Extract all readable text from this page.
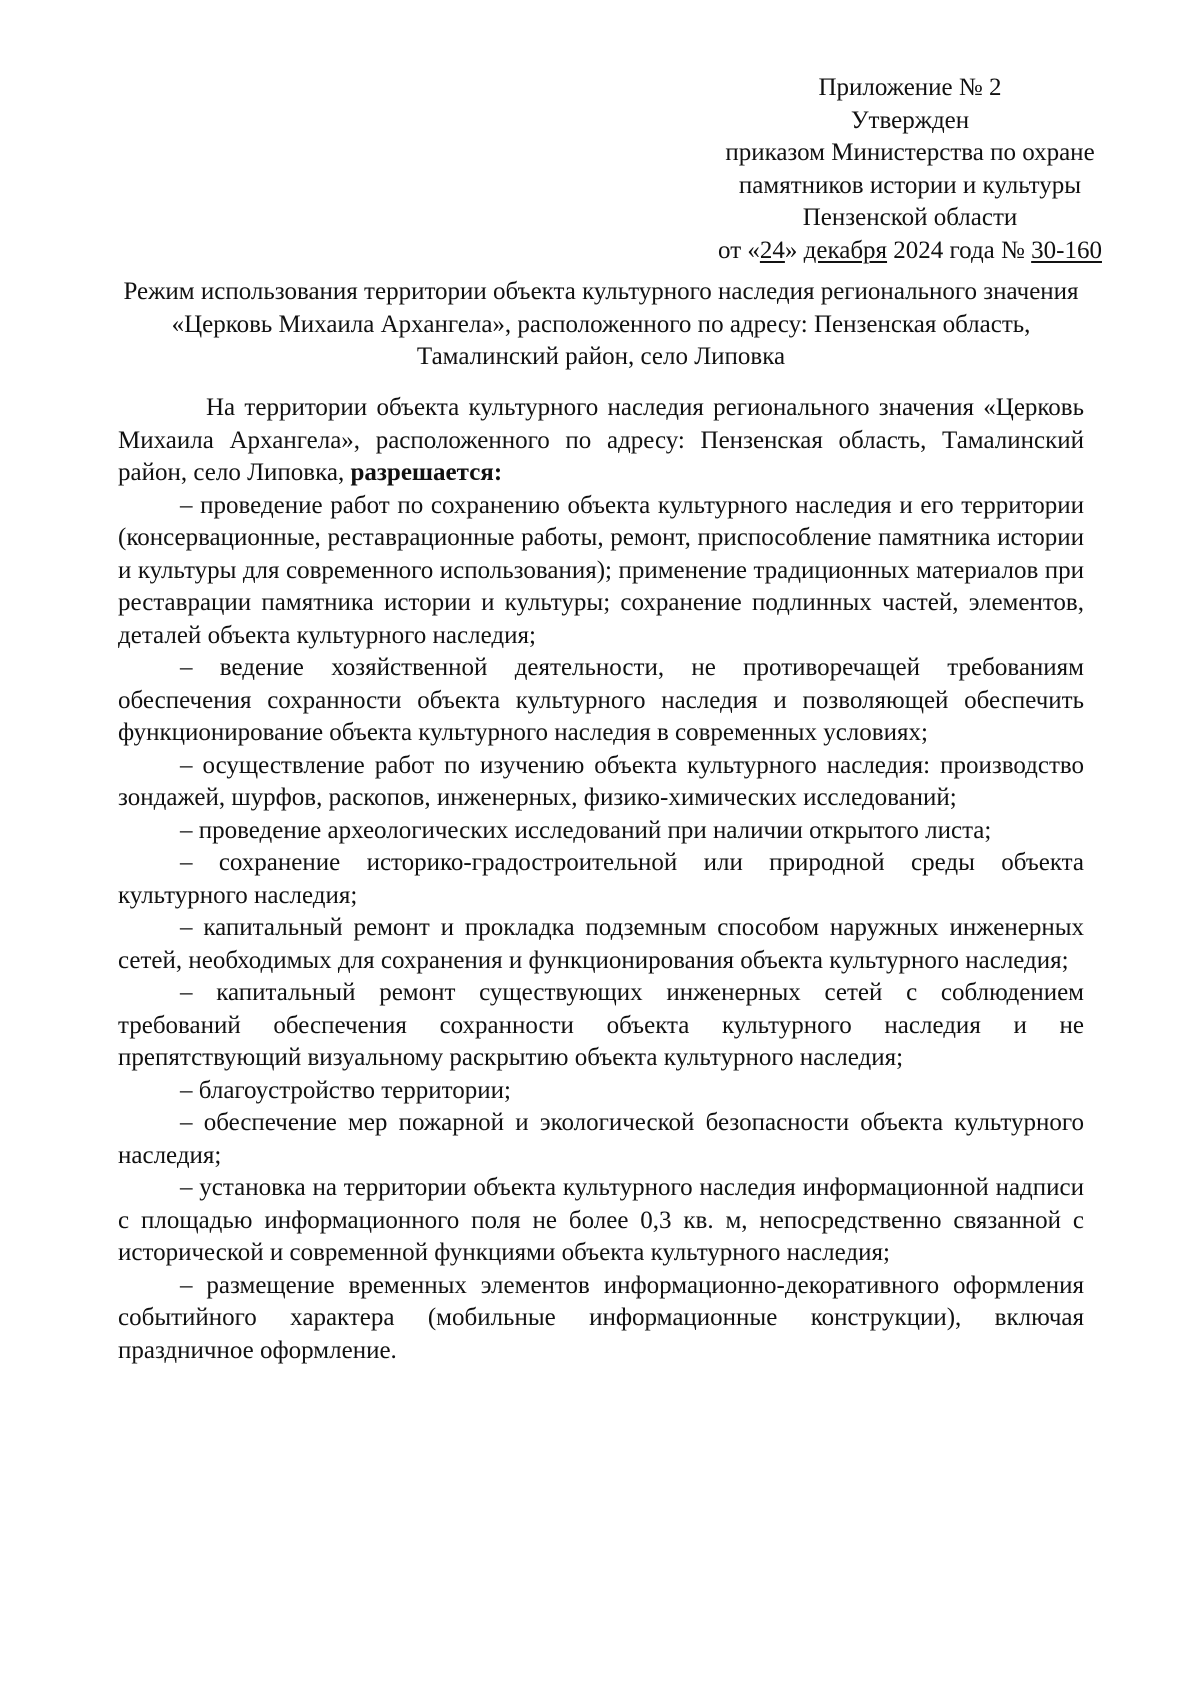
Приложение № 2
Утвержден
приказом Министерства по охране
памятников истории и культуры
Пензенской области
от «24» декабря 2024 года № 30-160
Режим использования территории объекта культурного наследия регионального значения «Церковь Михаила Архангела», расположенного по адресу: Пензенская область, Тамалинский район, село Липовка

На территории объекта культурного наследия регионального значения «Церковь Михаила Архангела», расположенного по адресу: Пензенская область, Тамалинский район, село Липовка, разрешается:

– проведение работ по сохранению объекта культурного наследия и его территории (консервационные, реставрационные работы, ремонт, приспособление памятника истории и культуры для современного использования); применение традиционных материалов при реставрации памятника истории и культуры; сохранение подлинных частей, элементов, деталей объекта культурного наследия;

– ведение хозяйственной деятельности, не противоречащей требованиям обеспечения сохранности объекта культурного наследия и позволяющей обеспечить функционирование объекта культурного наследия в современных условиях;

– осуществление работ по изучению объекта культурного наследия: производство зондажей, шурфов, раскопов, инженерных, физико-химических исследований;

– проведение археологических исследований при наличии открытого листа;

– сохранение историко-градостроительной или природной среды объекта культурного наследия;

– капитальный ремонт и прокладка подземным способом наружных инженерных сетей, необходимых для сохранения и функционирования объекта культурного наследия;

– капитальный ремонт существующих инженерных сетей с соблюдением требований обеспечения сохранности объекта культурного наследия и не препятствующий визуальному раскрытию объекта культурного наследия;

– благоустройство территории;

– обеспечение мер пожарной и экологической безопасности объекта культурного наследия;

– установка на территории объекта культурного наследия информационной надписи с площадью информационного поля не более 0,3 кв. м, непосредственно связанной с исторической и современной функциями объекта культурного наследия;

– размещение временных элементов информационно-декоративного оформления событийного характера (мобильные информационные конструкции), включая праздничное оформление.
